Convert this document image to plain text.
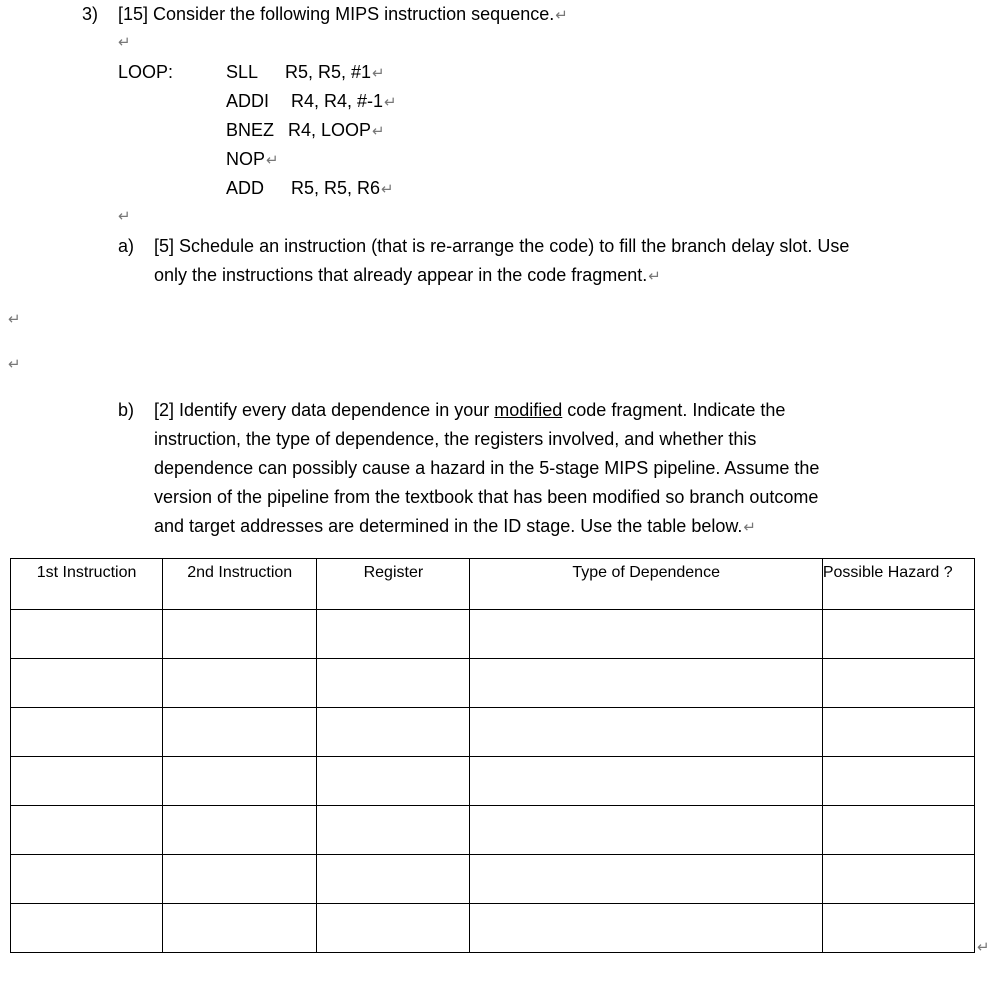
3) [15] Consider the following MIPS instruction sequence.↵
↵
LOOP:	SLL R5, R5, #1↵
ADDI R4, R4, #-1↵
BNEZ R4, LOOP↵
NOP↵
ADD R5, R5, R6↵
↵
a) [5] Schedule an instruction (that is re-arrange the code) to fill the branch delay slot. Use
only the instructions that already appear in the code fragment.↵
↵
↵
b) [2] Identify every data dependence in your modified code fragment. Indicate the
instruction, the type of dependence, the registers involved, and whether this
dependence can possibly cause a hazard in the 5-stage MIPS pipeline. Assume the
version of the pipeline from the textbook that has been modified so branch outcome
and target addresses are determined in the ID stage. Use the table below.↵
1st Instruction	2nd Instruction	Register	Type of Dependence	Possible Hazard ?

↵
